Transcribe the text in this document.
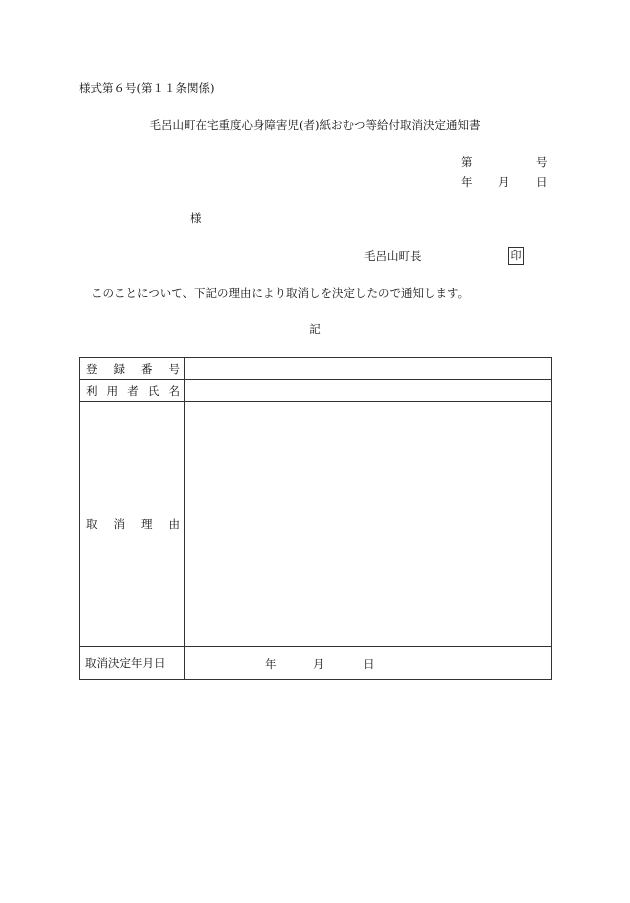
様式第６号(第１１条関係)
毛呂山町在宅重度心身障害児(者)紙おむつ等給付取消決定通知書
第	号
年 月 日
様
毛呂山町長	印
このことについて、下記の理由により取消しを決定したので通知します。
記
登 録 番 号	

利 用 者 氏 名	

取 消 理 由	

取消決定年月日	年 月 日
